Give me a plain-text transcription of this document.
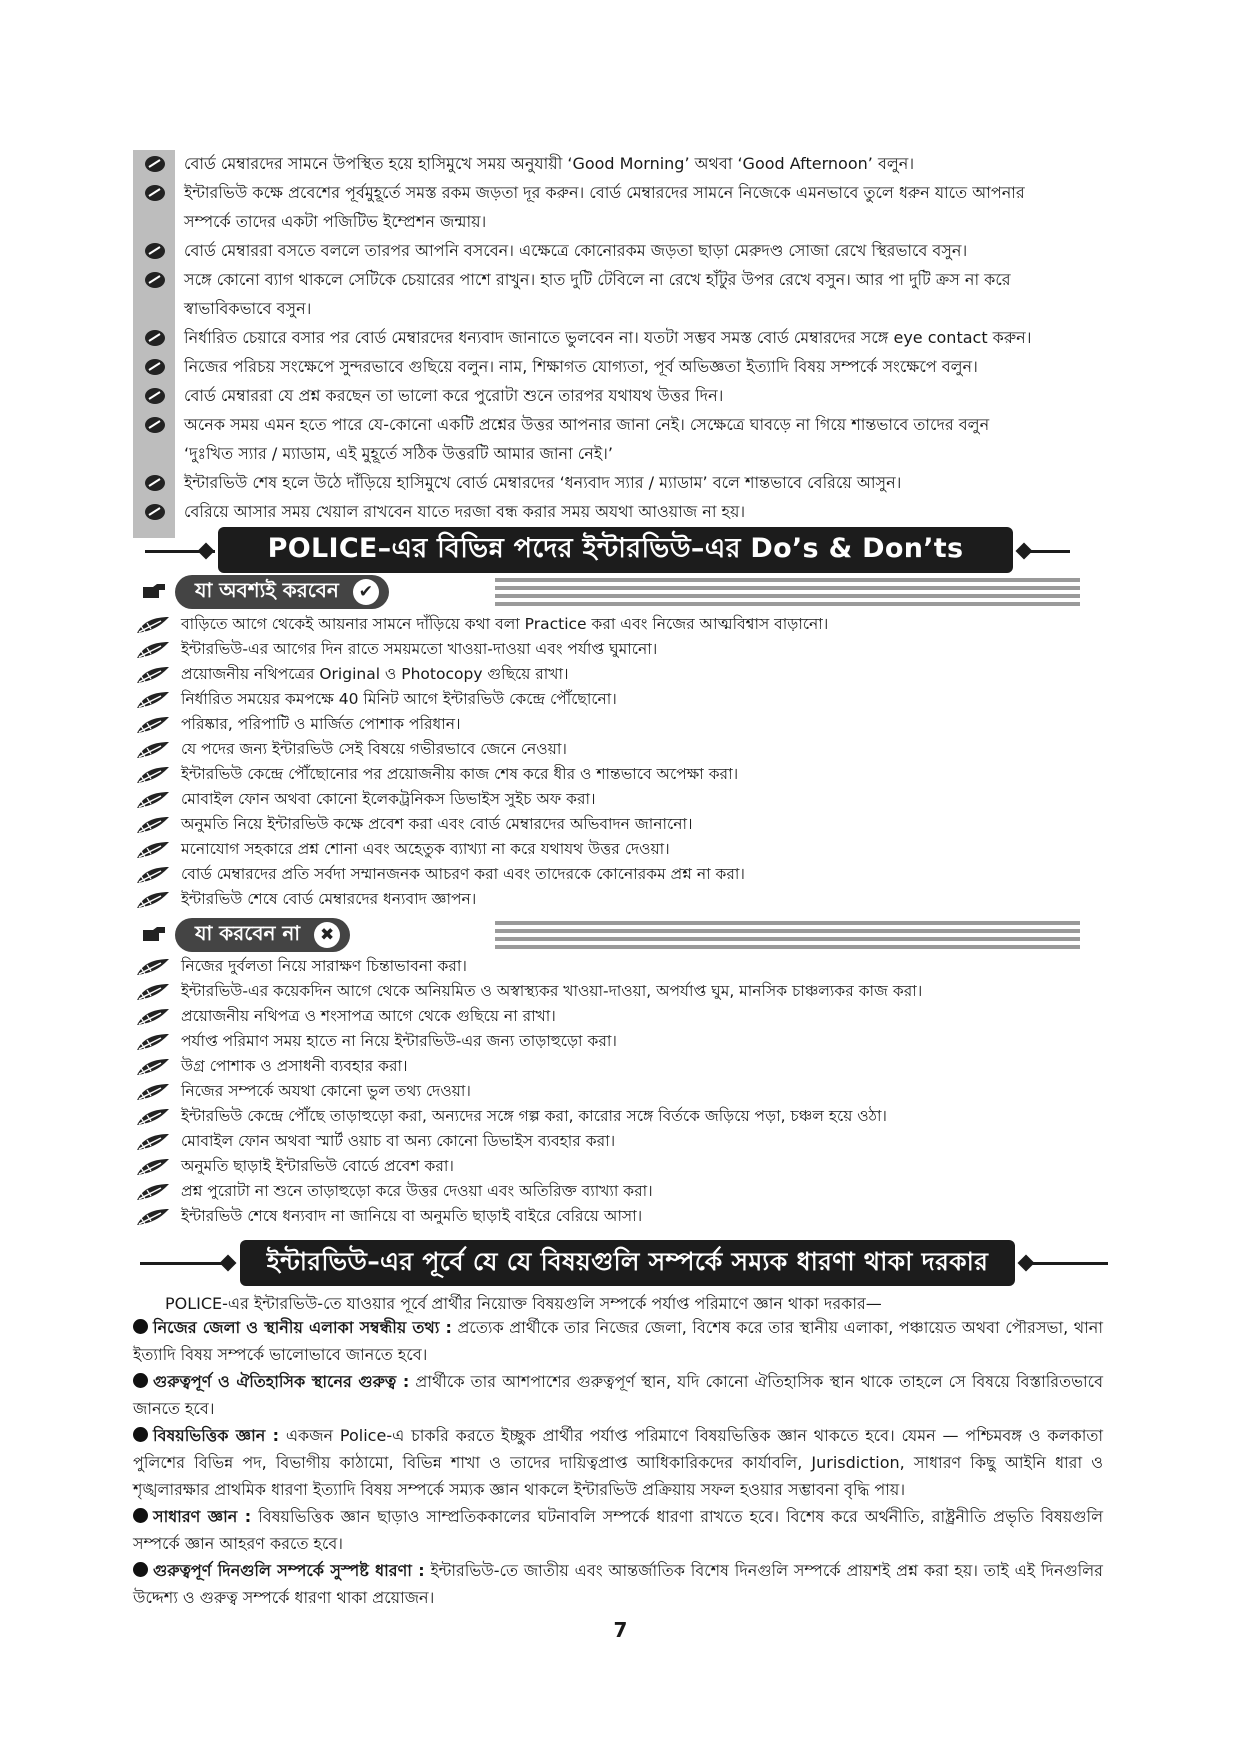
বোর্ড মেম্বারদের সামনে উপস্থিত হয়ে হাসিমুখে সময় অনুযায়ী ‘Good Morning’ অথবা ‘Good Afternoon’ বলুন।
ইন্টারভিউ কক্ষে প্রবেশের পূর্বমুহূর্তে সমস্ত রকম জড়তা দূর করুন। বোর্ড মেম্বারদের সামনে নিজেকে এমনভাবে তুলে ধরুন যাতে আপনার
সম্পর্কে তাদের একটা পজিটিভ ইম্প্রেশন জন্মায়।
বোর্ড মেম্বাররা বসতে বললে তারপর আপনি বসবেন। এক্ষেত্রে কোনোরকম জড়তা ছাড়া মেরুদণ্ড সোজা রেখে স্থিরভাবে বসুন।
সঙ্গে কোনো ব্যাগ থাকলে সেটিকে চেয়ারের পাশে রাখুন। হাত দুটি টেবিলে না রেখে হাঁটুর উপর রেখে বসুন। আর পা দুটি ক্রস না করে
স্বাভাবিকভাবে বসুন।
নির্ধারিত চেয়ারে বসার পর বোর্ড মেম্বারদের ধন্যবাদ জানাতে ভুলবেন না। যতটা সম্ভব সমস্ত বোর্ড মেম্বারদের সঙ্গে eye contact করুন।
নিজের পরিচয় সংক্ষেপে সুন্দরভাবে গুছিয়ে বলুন। নাম, শিক্ষাগত যোগ্যতা, পূর্ব অভিজ্ঞতা ইত্যাদি বিষয় সম্পর্কে সংক্ষেপে বলুন।
বোর্ড মেম্বাররা যে প্রশ্ন করছেন তা ভালো করে পুরোটা শুনে তারপর যথাযথ উত্তর দিন।
অনেক সময় এমন হতে পারে যে-কোনো একটি প্রশ্নের উত্তর আপনার জানা নেই। সেক্ষেত্রে ঘাবড়ে না গিয়ে শান্তভাবে তাদের বলুন
‘দুঃখিত স্যার / ম্যাডাম, এই মুহূর্তে সঠিক উত্তরটি আমার জানা নেই।’
ইন্টারভিউ শেষ হলে উঠে দাঁড়িয়ে হাসিমুখে বোর্ড মেম্বারদের ‘ধন্যবাদ স্যার / ম্যাডাম’ বলে শান্তভাবে বেরিয়ে আসুন।
বেরিয়ে আসার সময় খেয়াল রাখবেন যাতে দরজা বন্ধ করার সময় অযথা আওয়াজ না হয়।
POLICE–এর বিভিন্ন পদের ইন্টারভিউ–এর Do’s & Don’ts
যা অবশ্যই করবেন	✔
বাড়িতে আগে থেকেই আয়নার সামনে দাঁড়িয়ে কথা বলা Practice করা এবং নিজের আত্মবিশ্বাস বাড়ানো।
ইন্টারভিউ-এর আগের দিন রাতে সময়মতো খাওয়া-দাওয়া এবং পর্যাপ্ত ঘুমানো।
প্রয়োজনীয় নথিপত্রের Original ও Photocopy গুছিয়ে রাখা।
নির্ধারিত সময়ের কমপক্ষে 40 মিনিট আগে ইন্টারভিউ কেন্দ্রে পৌঁছোনো।
পরিষ্কার, পরিপাটি ও মার্জিত পোশাক পরিধান।
যে পদের জন্য ইন্টারভিউ সেই বিষয়ে গভীরভাবে জেনে নেওয়া।
ইন্টারভিউ কেন্দ্রে পৌঁছোনোর পর প্রয়োজনীয় কাজ শেষ করে ধীর ও শান্তভাবে অপেক্ষা করা।
মোবাইল ফোন অথবা কোনো ইলেকট্রনিকস ডিভাইস সুইচ অফ করা।
অনুমতি নিয়ে ইন্টারভিউ কক্ষে প্রবেশ করা এবং বোর্ড মেম্বারদের অভিবাদন জানানো।
মনোযোগ সহকারে প্রশ্ন শোনা এবং অহেতুক ব্যাখ্যা না করে যথাযথ উত্তর দেওয়া।
বোর্ড মেম্বারদের প্রতি সর্বদা সম্মানজনক আচরণ করা এবং তাদেরকে কোনোরকম প্রশ্ন না করা।
ইন্টারভিউ শেষে বোর্ড মেম্বারদের ধন্যবাদ জ্ঞাপন।
যা করবেন না	✖
নিজের দুর্বলতা নিয়ে সারাক্ষণ চিন্তাভাবনা করা।
ইন্টারভিউ-এর কয়েকদিন আগে থেকে অনিয়মিত ও অস্বাস্থ্যকর খাওয়া-দাওয়া, অপর্যাপ্ত ঘুম, মানসিক চাঞ্চল্যকর কাজ করা।
প্রয়োজনীয় নথিপত্র ও শংসাপত্র আগে থেকে গুছিয়ে না রাখা।
পর্যাপ্ত পরিমাণ সময় হাতে না নিয়ে ইন্টারভিউ-এর জন্য তাড়াহুড়ো করা।
উগ্র পোশাক ও প্রসাধনী ব্যবহার করা।
নিজের সম্পর্কে অযথা কোনো ভুল তথ্য দেওয়া।
ইন্টারভিউ কেন্দ্রে পৌঁছে তাড়াহুড়ো করা, অন্যদের সঙ্গে গল্প করা, কারোর সঙ্গে বির্তকে জড়িয়ে পড়া, চঞ্চল হয়ে ওঠা।
মোবাইল ফোন অথবা স্মার্ট ওয়াচ বা অন্য কোনো ডিভাইস ব্যবহার করা।
অনুমতি ছাড়াই ইন্টারভিউ বোর্ডে প্রবেশ করা।
প্রশ্ন পুরোটা না শুনে তাড়াহুড়ো করে উত্তর দেওয়া এবং অতিরিক্ত ব্যাখ্যা করা।
ইন্টারভিউ শেষে ধন্যবাদ না জানিয়ে বা অনুমতি ছাড়াই বাইরে বেরিয়ে আসা।
ইন্টারভিউ–এর পূর্বে যে যে বিষয়গুলি সম্পর্কে সম্যক ধারণা থাকা দরকার
POLICE-এর ইন্টারভিউ-তে যাওয়ার পূর্বে প্রার্থীর নিয়োক্ত বিষয়গুলি সম্পর্কে পর্যাপ্ত পরিমাণে জ্ঞান থাকা দরকার—
নিজের জেলা ও স্থানীয় এলাকা সম্বন্ধীয় তথ্য : প্রত্যেক প্রার্থীকে তার নিজের জেলা, বিশেষ করে তার স্থানীয় এলাকা, পঞ্চায়েত অথবা পৌরসভা, থানা ইত্যাদি বিষয় সম্পর্কে ভালোভাবে জানতে হবে।
গুরুত্বপূর্ণ ও ঐতিহাসিক স্থানের গুরুত্ব : প্রার্থীকে তার আশপাশের গুরুত্বপূর্ণ স্থান, যদি কোনো ঐতিহাসিক স্থান থাকে তাহলে সে বিষয়ে বিস্তারিতভাবে জানতে হবে।
বিষয়ভিত্তিক জ্ঞান : একজন Police-এ চাকরি করতে ইচ্ছুক প্রার্থীর পর্যাপ্ত পরিমাণে বিষয়ভিত্তিক জ্ঞান থাকতে হবে। যেমন — পশ্চিমবঙ্গ ও কলকাতা পুলিশের বিভিন্ন পদ, বিভাগীয় কাঠামো, বিভিন্ন শাখা ও তাদের দায়িত্বপ্রাপ্ত আধিকারিকদের কার্যাবলি, Jurisdiction, সাধারণ কিছু আইনি ধারা ও শৃঙ্খলারক্ষার প্রাথমিক ধারণা ইত্যাদি বিষয় সম্পর্কে সম্যক জ্ঞান থাকলে ইন্টারভিউ প্রক্রিয়ায় সফল হওয়ার সম্ভাবনা বৃদ্ধি পায়।
সাধারণ জ্ঞান : বিষয়ভিত্তিক জ্ঞান ছাড়াও সাম্প্রতিককালের ঘটনাবলি সম্পর্কে ধারণা রাখতে হবে। বিশেষ করে অর্থনীতি, রাষ্ট্রনীতি প্রভৃতি বিষয়গুলি সম্পর্কে জ্ঞান আহরণ করতে হবে।
গুরুত্বপূর্ণ দিনগুলি সম্পর্কে সুস্পষ্ট ধারণা : ইন্টারভিউ-তে জাতীয় এবং আন্তর্জাতিক বিশেষ দিনগুলি সম্পর্কে প্রায়শই প্রশ্ন করা হয়। তাই এই দিনগুলির উদ্দেশ্য ও গুরুত্ব সম্পর্কে ধারণা থাকা প্রয়োজন।
7
